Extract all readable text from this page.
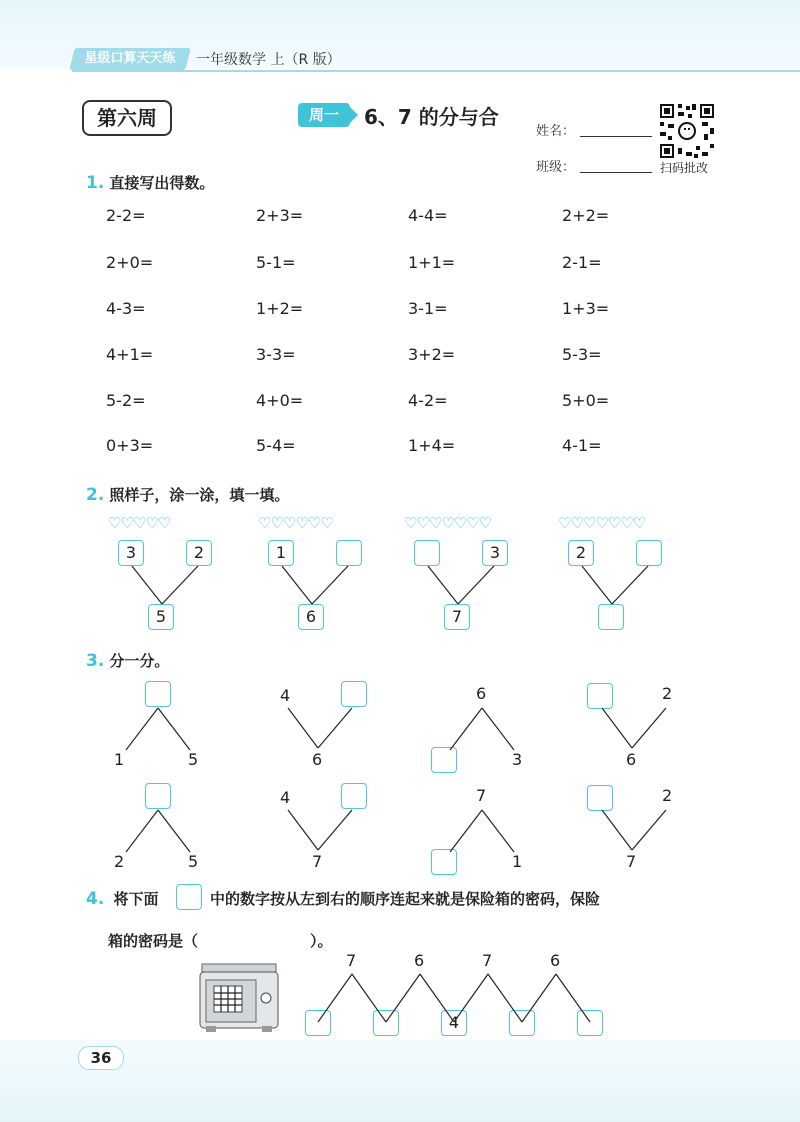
星级口算天天练	一年级数学 上（R 版）
第六周	周一	6、7 的分与合
姓名：
班级：	扫码批改
1. 直接写出得数。
2. 照样子，涂一涂，填一填。
3. 分一分。
4. 将下面	中的数字按从左到右的顺序连起来就是保险箱的密码，保险
箱的密码是（	）。
36
2-2=	2+3=	4-4=	2+2=
2+0=	5-1=	1+1=	2-1=
4-3=	1+2=	3-1=	1+3=
4+1=	3-3=	3+2=	5-3=
5-2=	4+0=	4-2=	5+0=
0+3=	5-4=	1+4=	4-1=
♡♡♡♡♡
3	2
5
♡♡♡♡♡♡
1
6
♡♡♡♡♡♡♡
3
7
♡♡♡♡♡♡♡
2
1	5
4
6
6
3
2
6
2	5
4
7
7
1
2
7
7	6	7	6
4
